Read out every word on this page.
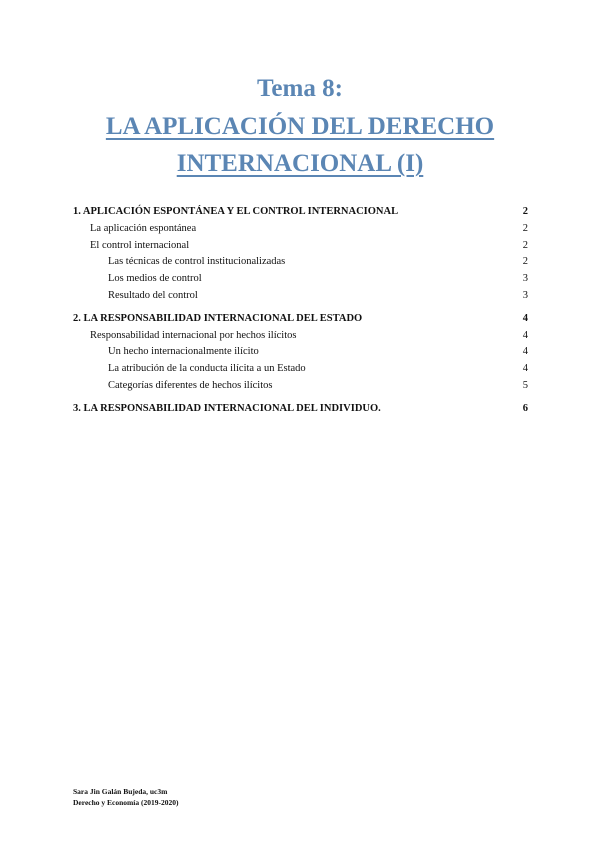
Tema 8:

LA APLICACIÓN DEL DERECHO
INTERNACIONAL (I)

1. APLICACIÓN ESPONTÁNEA Y EL CONTROL INTERNACIONAL	2
La aplicación espontánea	2
El control internacional	2
Las técnicas de control institucionalizadas	2
Los medios de control	3
Resultado del control	3
2. LA RESPONSABILIDAD INTERNACIONAL DEL ESTADO	4
Responsabilidad internacional por hechos ilícitos	4
Un hecho internacionalmente ilícito	4
La atribución de la conducta ilícita a un Estado	4
Categorías diferentes de hechos ilícitos	5
3. LA RESPONSABILIDAD INTERNACIONAL DEL INDIVIDUO.	6
Sara Jin Galán Bujeda, uc3m
Derecho y Economía (2019-2020)
